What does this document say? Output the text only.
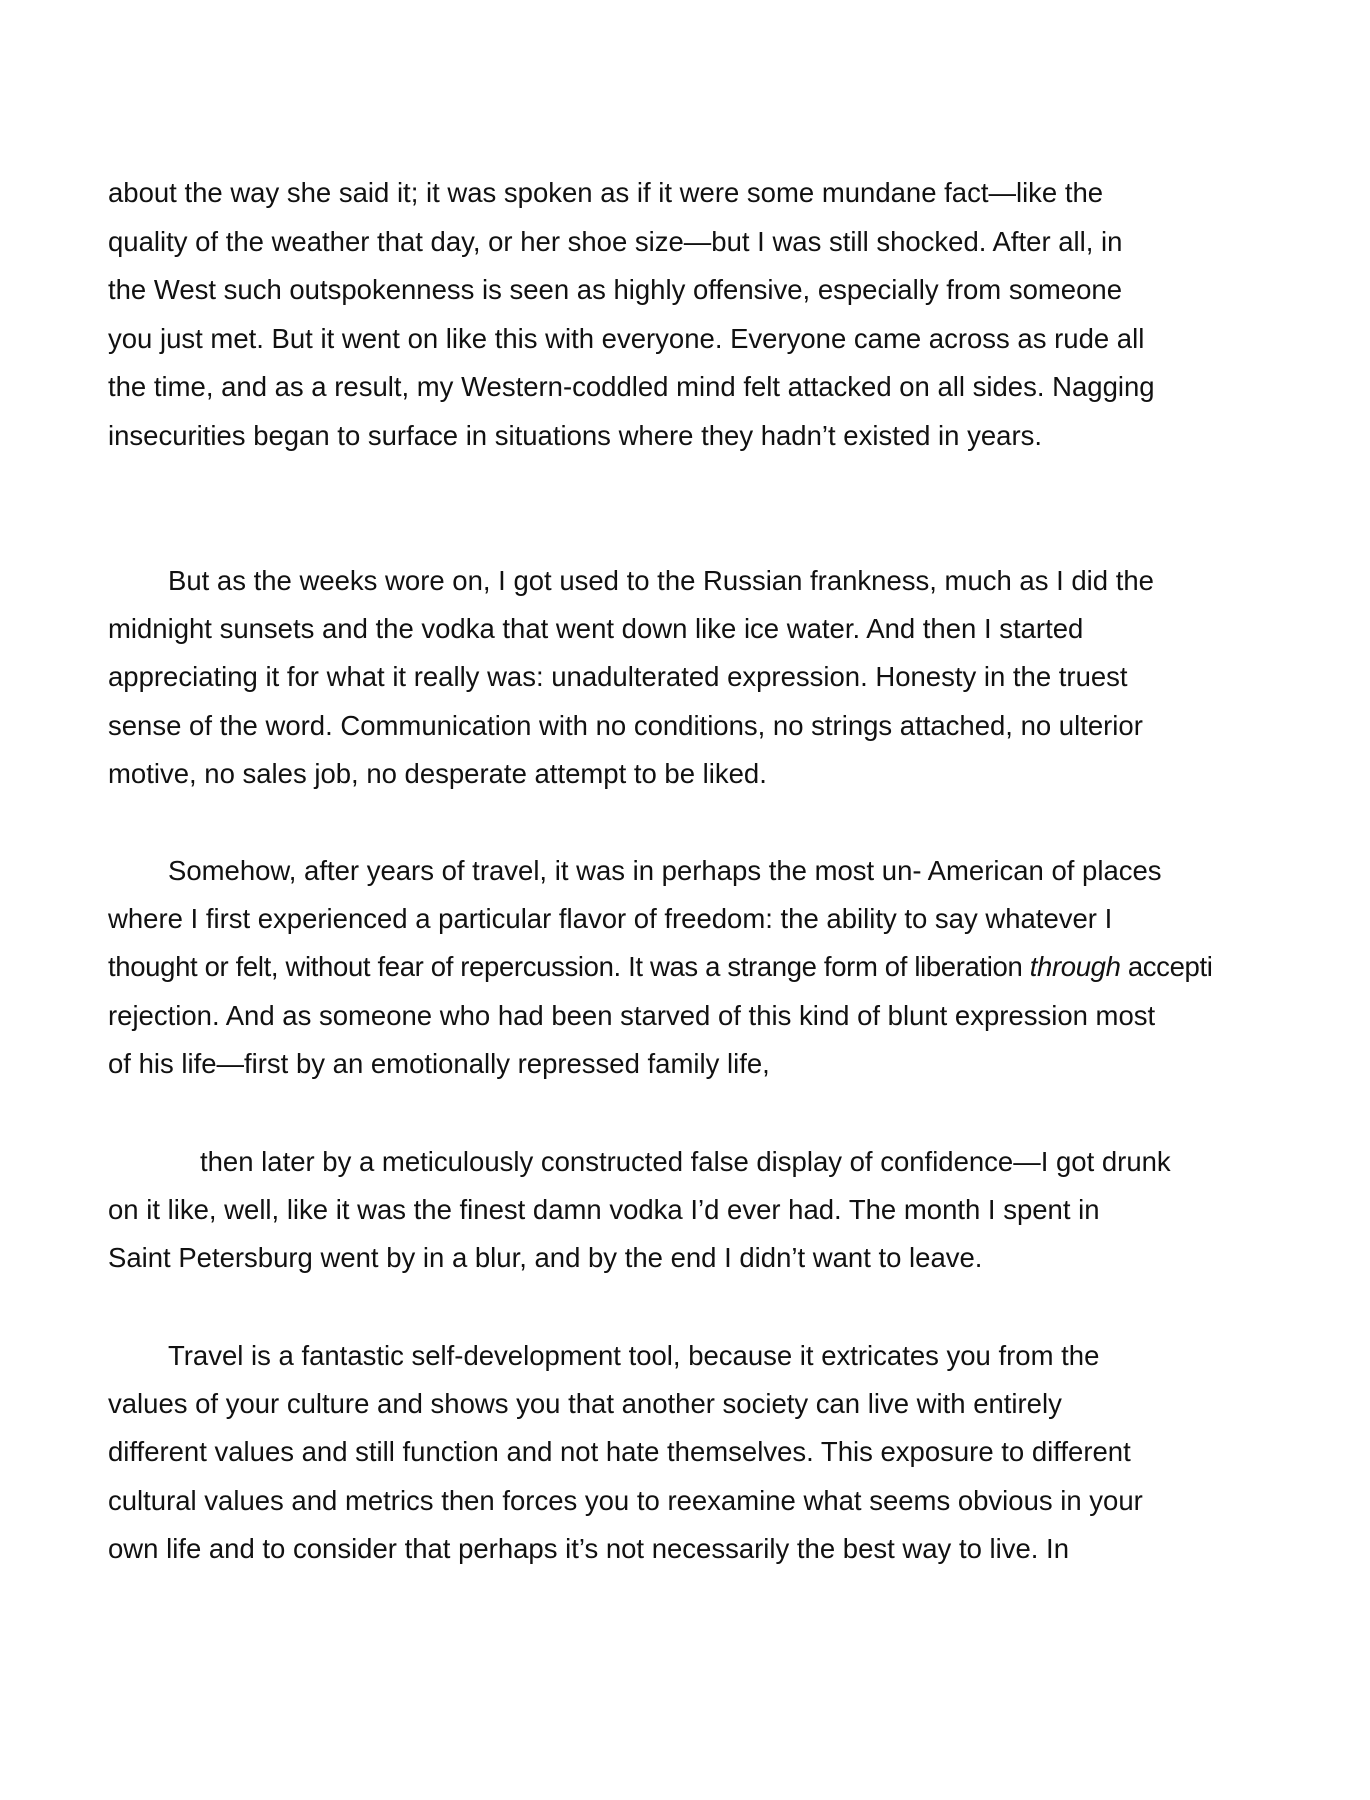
about the way she said it; it was spoken as if it were some mundane fact—like the
quality of the weather that day, or her shoe size—but I was still shocked. After all, in
the West such outspokenness is seen as highly offensive, especially from someone
you just met. But it went on like this with everyone. Everyone came across as rude all
the time, and as a result, my Western-coddled mind felt attacked on all sides. Nagging
insecurities began to surface in situations where they hadn’t existed in years.
But as the weeks wore on, I got used to the Russian frankness, much as I did the
midnight sunsets and the vodka that went down like ice water. And then I started
appreciating it for what it really was: unadulterated expression. Honesty in the truest
sense of the word. Communication with no conditions, no strings attached, no ulterior
motive, no sales job, no desperate attempt to be liked.
Somehow, after years of travel, it was in perhaps the most un- American of places
where I first experienced a particular flavor of freedom: the ability to say whatever I
thought or felt, without fear of repercussion. It was a strange form of liberation through accepti
rejection. And as someone who had been starved of this kind of blunt expression most
of his life—first by an emotionally repressed family life,
then later by a meticulously constructed false display of confidence—I got drunk
on it like, well, like it was the finest damn vodka I’d ever had. The month I spent in
Saint Petersburg went by in a blur, and by the end I didn’t want to leave.
Travel is a fantastic self-development tool, because it extricates you from the
values of your culture and shows you that another society can live with entirely
different values and still function and not hate themselves. This exposure to different
cultural values and metrics then forces you to reexamine what seems obvious in your
own life and to consider that perhaps it’s not necessarily the best way to live. In
